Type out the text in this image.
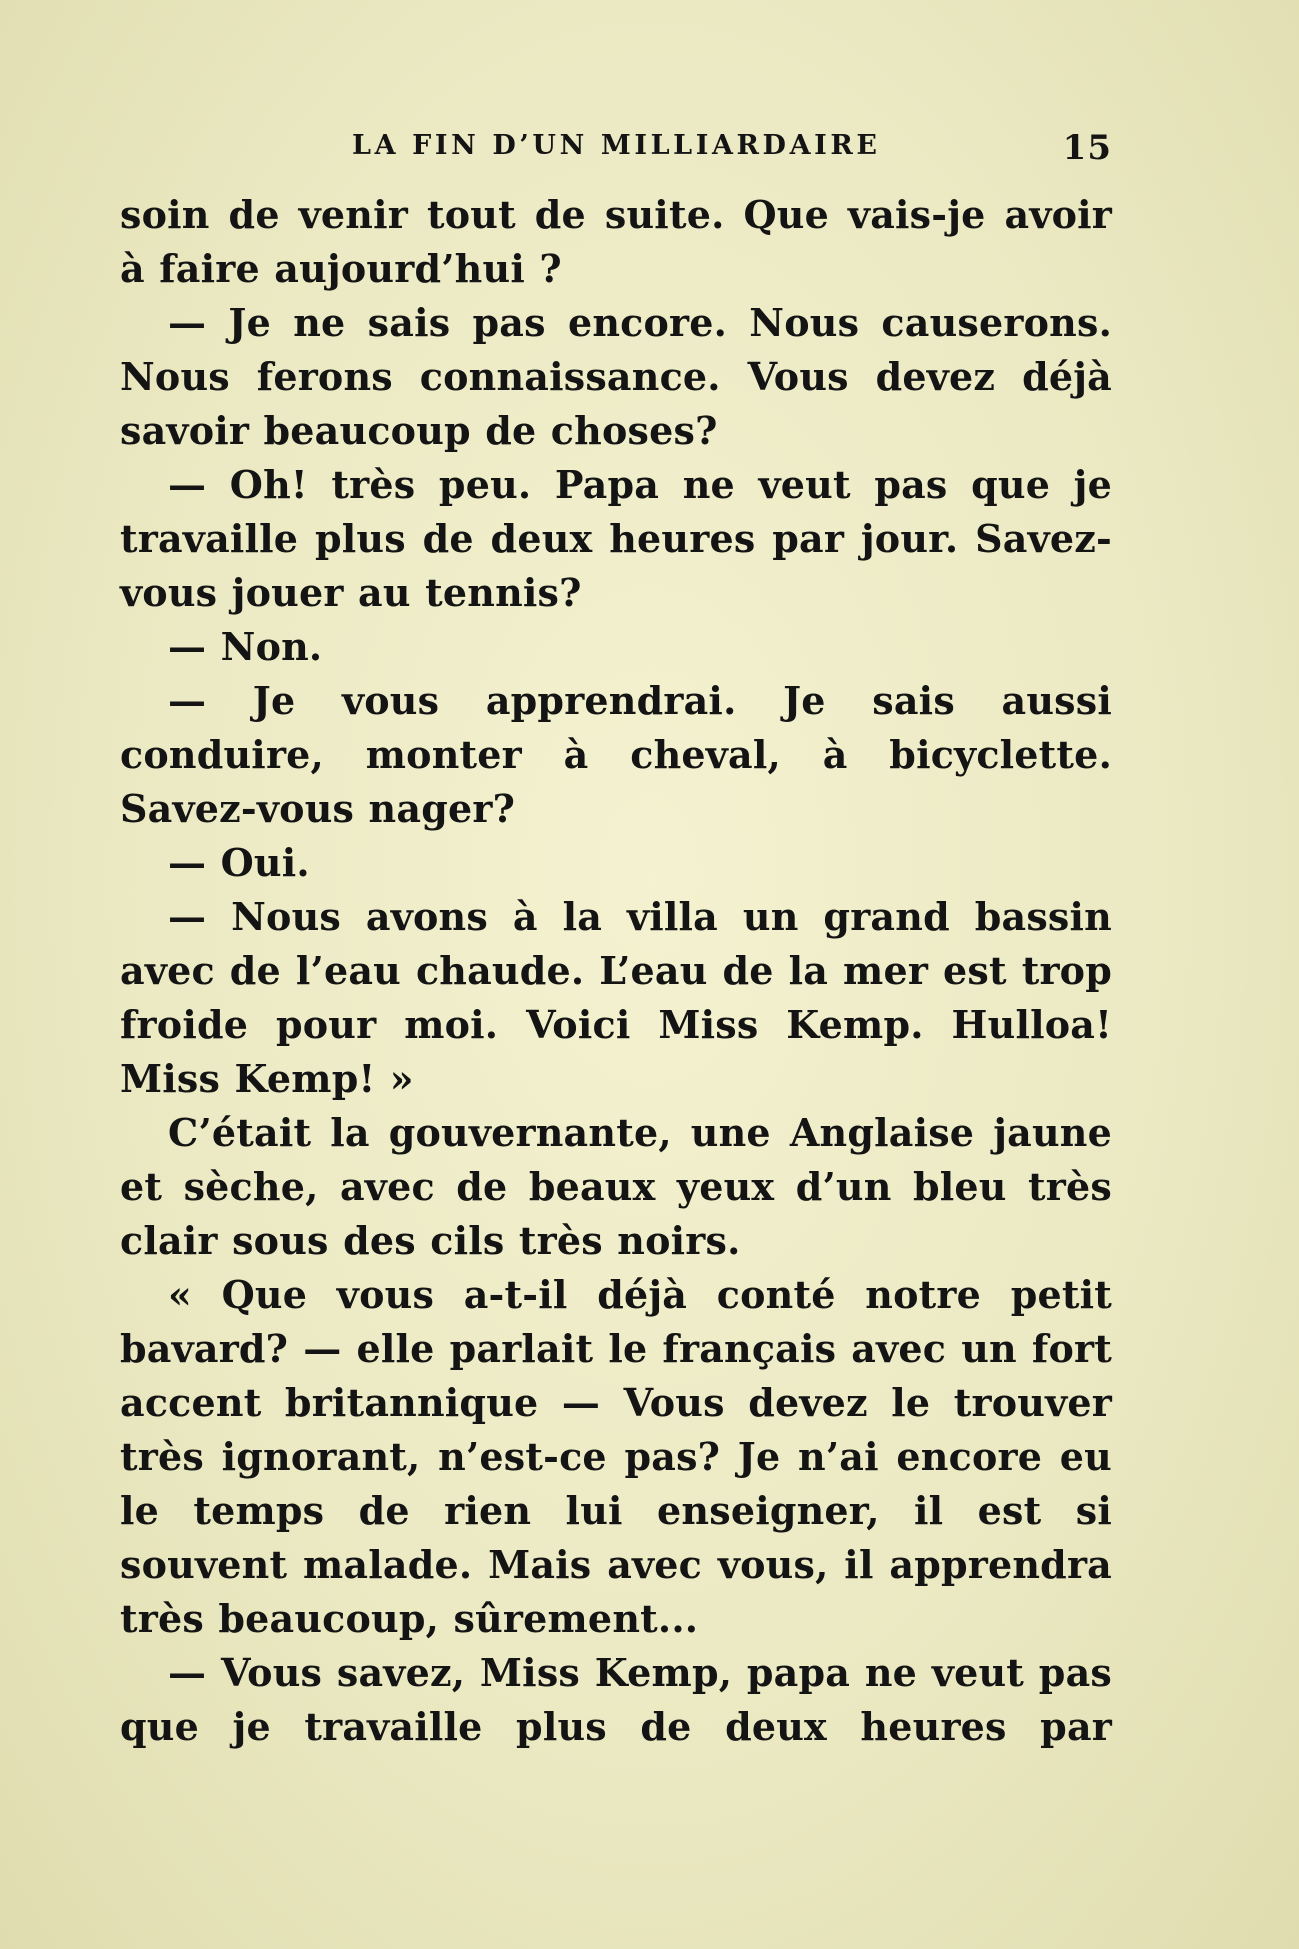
LA FIN D’UN MILLIARDAIRE	15

soin de venir tout de suite. Que vais-je avoir à faire aujourd’hui ?

— Je ne sais pas encore. Nous causerons. Nous ferons connaissance. Vous devez déjà savoir beaucoup de choses?

— Oh! très peu. Papa ne veut pas que je travaille plus de deux heures par jour. Savez-vous jouer au tennis?

— Non.

— Je vous apprendrai. Je sais aussi conduire, monter à cheval, à bicyclette. Savez-vous nager?

— Oui.

— Nous avons à la villa un grand bassin avec de l’eau chaude. L’eau de la mer est trop froide pour moi. Voici Miss Kemp. Hulloa! Miss Kemp! »

C’était la gouvernante, une Anglaise jaune et sèche, avec de beaux yeux d’un bleu très clair sous des cils très noirs.

« Que vous a-t-il déjà conté notre petit bavard? — elle parlait le français avec un fort accent britannique — Vous devez le trouver très ignorant, n’est-ce pas? Je n’ai encore eu le temps de rien lui enseigner, il est si souvent malade. Mais avec vous, il apprendra très beaucoup, sûrement...

— Vous savez, Miss Kemp, papa ne veut pas que je travaille plus de deux heures par
